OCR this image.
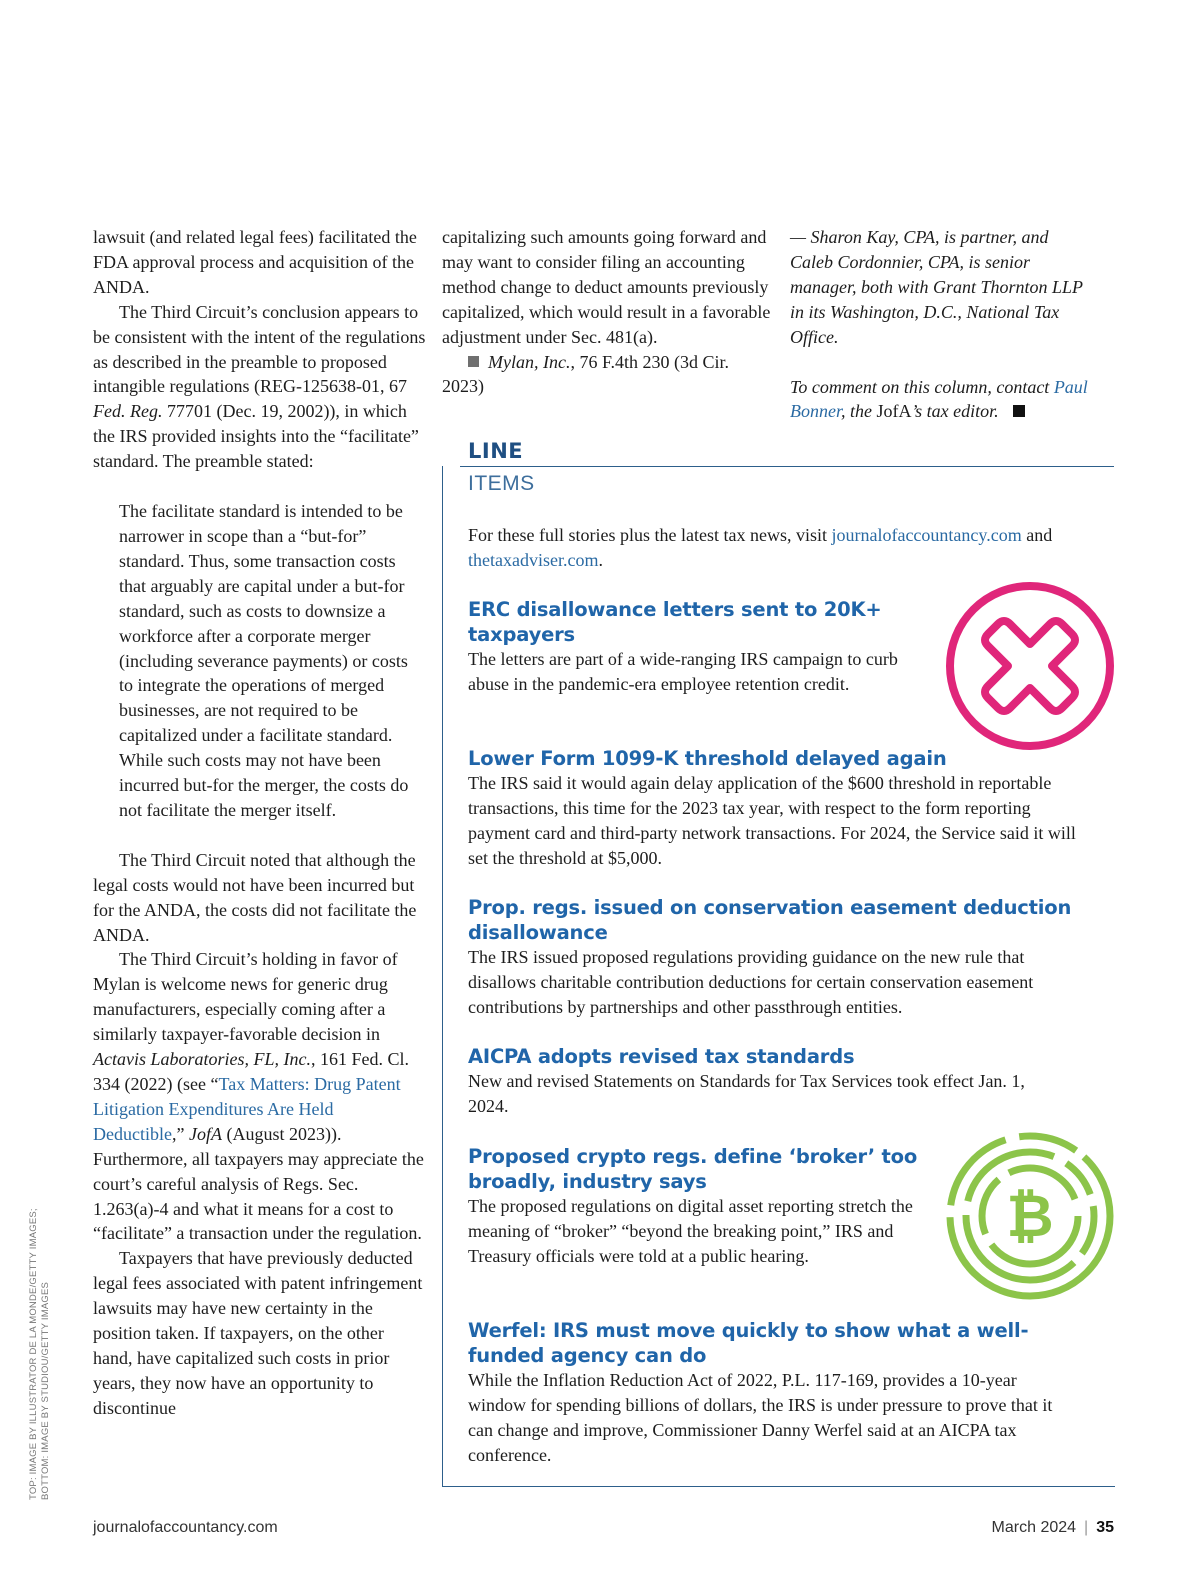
lawsuit (and related legal fees) facilitated the FDA approval process and acquisition of the ANDA.

The Third Circuit’s conclusion appears to be consistent with the intent of the regulations as described in the preamble to proposed intangible regulations (REG-125638-01, 67 Fed. Reg. 77701 (Dec. 19, 2002)), in which the IRS provided insights into the “facilitate” standard. The preamble stated:

The facilitate standard is intended to be narrower in scope than a “but-for” standard. Thus, some transaction costs that arguably are capital under a but-for standard, such as costs to downsize a workforce after a corporate merger (including severance payments) or costs to integrate the operations of merged businesses, are not required to be capitalized under a facilitate standard. While such costs may not have been incurred but-for the merger, the costs do not facilitate the merger itself.

The Third Circuit noted that although the legal costs would not have been incurred but for the ANDA, the costs did not facilitate the ANDA.

The Third Circuit’s holding in favor of Mylan is welcome news for generic drug manufacturers, especially coming after a similarly taxpayer-favorable decision in Actavis Laboratories, FL, Inc., 161 Fed. Cl. 334 (2022) (see “Tax Matters: Drug Patent Litigation Expenditures Are Held Deductible,” JofA (August 2023)). Furthermore, all taxpayers may appreciate the court’s careful analysis of Regs. Sec. 1.263(a)-4 and what it means for a cost to “facilitate” a transaction under the regulation.

Taxpayers that have previously deducted legal fees associated with patent infringement lawsuits may have new certainty in the position taken. If taxpayers, on the other hand, have capitalized such costs in prior years, they now have an opportunity to discontinue

capitalizing such amounts going forward and may want to consider filing an accounting method change to deduct amounts previously capitalized, which would result in a favorable adjustment under Sec. 481(a).

Mylan, Inc., 76 F.4th 230 (3d Cir. 2023)

— Sharon Kay, CPA, is partner, and Caleb Cordonnier, CPA, is senior manager, both with Grant Thornton LLP in its Washington, D.C., National Tax Office.

To comment on this column, contact Paul Bonner, the JofA’s tax editor.

LINE
ITEMS
For these full stories plus the latest tax news, visit journalofaccountancy.com and thetaxadviser.com.
ERC disallowance letters sent to 20K+ taxpayers

The letters are part of a wide-ranging IRS campaign to curb abuse in the pandemic-era employee retention credit.

Lower Form 1099-K threshold delayed again

The IRS said it would again delay application of the $600 threshold in reportable transactions, this time for the 2023 tax year, with respect to the form reporting payment card and third-party network transactions. For 2024, the Service said it will set the threshold at $5,000.

Prop. regs. issued on conservation easement deduction disallowance

The IRS issued proposed regulations providing guidance on the new rule that disallows charitable contribution deductions for certain conservation easement contributions by partnerships and other passthrough entities.

AICPA adopts revised tax standards

New and revised Statements on Standards for Tax Services took effect Jan. 1, 2024.

Proposed crypto regs. define ‘broker’ too broadly, industry says

The proposed regulations on digital asset reporting stretch the meaning of “broker” “beyond the breaking point,” IRS and Treasury officials were told at a public hearing.

Werfel: IRS must move quickly to show what a well-funded agency can do

While the Inflation Reduction Act of 2022, P.L. 117-169, provides a 10-year window for spending billions of dollars, the IRS is under pressure to prove that it can change and improve, Commissioner Danny Werfel said at an AICPA tax conference.

₿
TOP: IMAGE BY ILLUSTRATOR DE LA MONDE/GETTY IMAGES; BOTTOM: IMAGE BY STUDIOU/GETTY IMAGES
journalofaccountancy.com	March 2024 | 35
